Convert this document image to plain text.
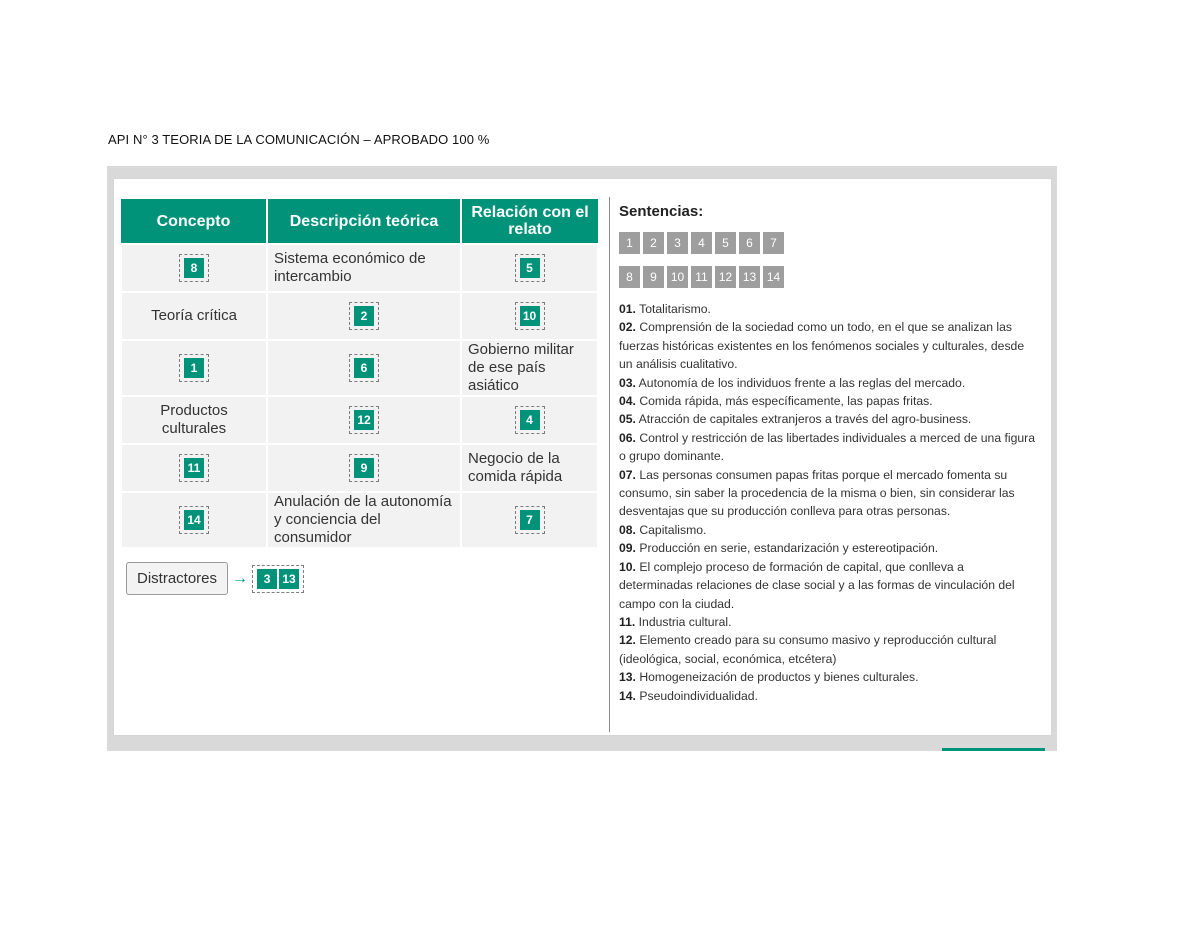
API N° 3 TEORIA DE LA COMUNICACIÓN – APROBADO 100 %
Concepto	Descripción teórica	Relación con el relato
8	Sistema económico de intercambio	5
Teoría crítica	2	10
1	6	Gobierno militar de ese país asiático
Productos culturales	12	4
11	9	Negocio de la comida rápida
14	Anulación de la autonomía y conciencia del consumidor	7
Distractores →	3 13
Sentencias:
1	2	3	4	5	6	7
8	9	10 11 12 13 14

01. Totalitarismo.

02. Comprensión de la sociedad como un todo, en el que se analizan las fuerzas históricas existentes en los fenómenos sociales y culturales, desde un análisis cualitativo.

03. Autonomía de los individuos frente a las reglas del mercado.

04. Comida rápida, más específicamente, las papas fritas.

05. Atracción de capitales extranjeros a través del agro-business.

06. Control y restricción de las libertades individuales a merced de una figura o grupo dominante.

07. Las personas consumen papas fritas porque el mercado fomenta su consumo, sin saber la procedencia de la misma o bien, sin considerar las desventajas que su producción conlleva para otras personas.

08. Capitalismo.

09. Producción en serie, estandarización y estereotipación.

10. El complejo proceso de formación de capital, que conlleva a determinadas relaciones de clase social y a las formas de vinculación del campo con la ciudad.

11. Industria cultural.

12. Elemento creado para su consumo masivo y reproducción cultural (ideológica, social, económica, etcétera)

13. Homogeneización de productos y bienes culturales.

14. Pseudoindividualidad.
